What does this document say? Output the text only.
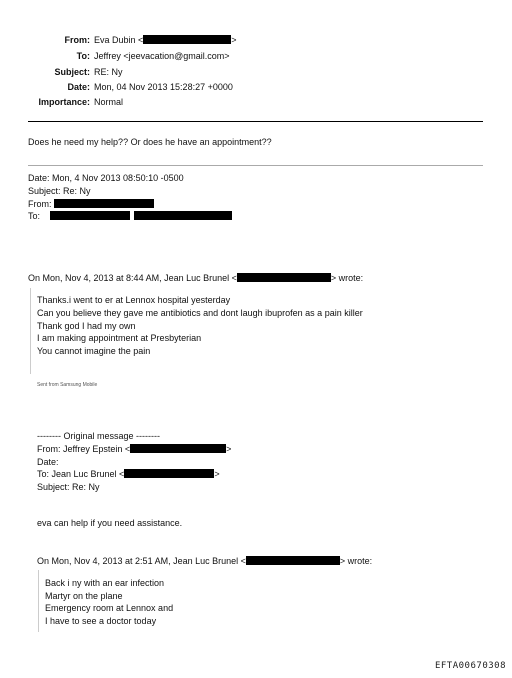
From: Eva Dubin <	>
To: Jeffrey <jeevacation@gmail.com>
Subject: RE: Ny
Date: Mon, 04 Nov 2013 15:28:27 +0000
Importance: Normal
Does he need my help?? Or does he have an appointment??
Date: Mon, 4 Nov 2013 08:50:10 -0500
Subject: Re: Ny
From:
To:
On Mon, Nov 4, 2013 at 8:44 AM, Jean Luc Brunel <	> wrote:
Thanks.i went to er at Lennox hospital yesterday
Can you believe they gave me antibiotics and dont laugh ibuprofen as a pain killer
Thank god I had my own
I am making appointment at Presbyterian
You cannot imagine the pain
Sent from Samsung Mobile
-------- Original message --------
From: Jeffrey Epstein <	>
Date:
To: Jean Luc Brunel <	>
Subject: Re: Ny
eva can help if you need assistance.
On Mon, Nov 4, 2013 at 2:51 AM, Jean Luc Brunel <	> wrote:
Back i ny with an ear infection
Martyr on the plane
Emergency room at Lennox and
I have to see a doctor today
EFTA00670308
